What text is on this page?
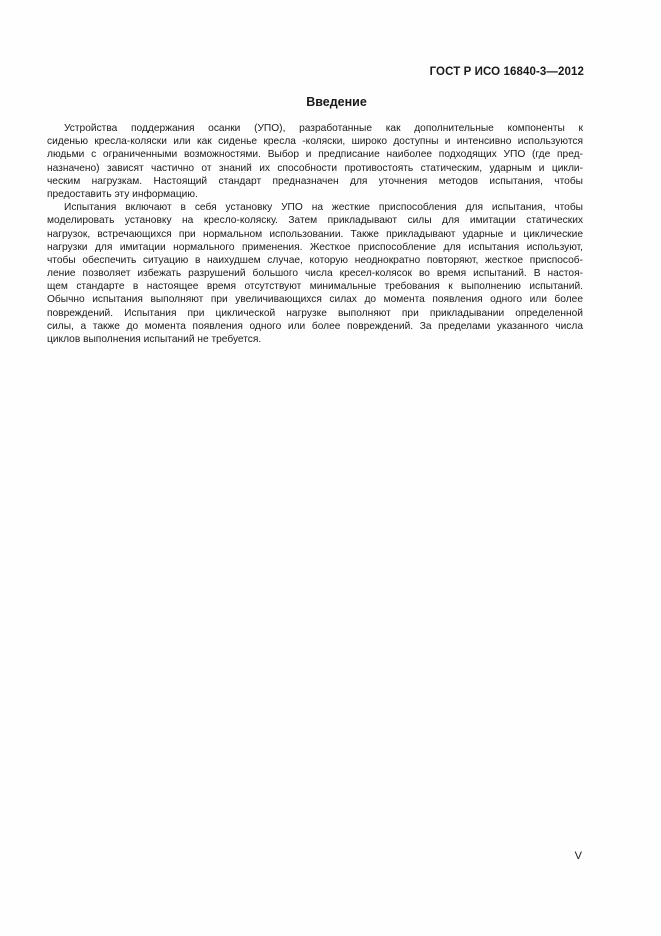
ГОСТ Р ИСО 16840-3—2012
Введение
Устройства поддержания осанки (УПО), разработанные как дополнительные компоненты к
сиденью кресла-коляски или как сиденье кресла -коляски, широко доступны и интенсивно используются
людьми с ограниченными возможностями. Выбор и предписание наиболее подходящих УПО (где пред-
назначено) зависят частично от знаний их способности противостоять статическим, ударным и цикли-
ческим нагрузкам. Настоящий стандарт предназначен для уточнения методов испытания, чтобы
предоставить эту информацию.
Испытания включают в себя установку УПО на жесткие приспособления для испытания, чтобы
моделировать установку на кресло-коляску. Затем прикладывают силы для имитации статических
нагрузок, встречающихся при нормальном использовании. Также прикладывают ударные и циклические
нагрузки для имитации нормального применения. Жесткое приспособление для испытания используют,
чтобы обеспечить ситуацию в наихудшем случае, которую неоднократно повторяют, жесткое приспособ-
ление позволяет избежать разрушений большого числа кресел-колясок во время испытаний. В настоя-
щем стандарте в настоящее время отсутствуют минимальные требования к выполнению испытаний.
Обычно испытания выполняют при увеличивающихся силах до момента появления одного или более
повреждений. Испытания при циклической нагрузке выполняют при прикладывании определенной
силы, а также до момента появления одного или более повреждений. За пределами указанного числа
циклов выполнения испытаний не требуется.
V
